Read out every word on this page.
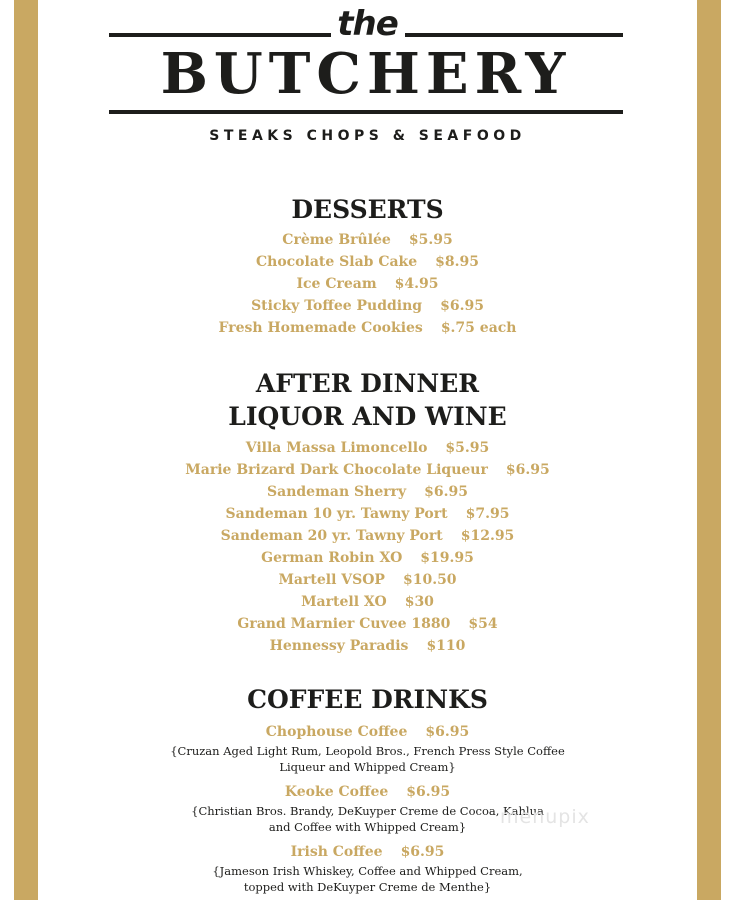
the
BUTCHERY
STEAKS CHOPS & SEAFOOD
DESSERTS
Crème Brûlée $5.95
Chocolate Slab Cake $8.95
Ice Cream $4.95
Sticky Toffee Pudding $6.95
Fresh Homemade Cookies $.75 each
AFTER DINNER
LIQUOR AND WINE
Villa Massa Limoncello $5.95
Marie Brizard Dark Chocolate Liqueur $6.95
Sandeman Sherry $6.95
Sandeman 10 yr. Tawny Port $7.95
Sandeman 20 yr. Tawny Port $12.95
German Robin XO $19.95
Martell VSOP $10.50
Martell XO $30
Grand Marnier Cuvee 1880 $54
Hennessy Paradis $110
COFFEE DRINKS
Chophouse Coffee $6.95
{Cruzan Aged Light Rum, Leopold Bros., French Press Style Coffee
Liqueur and Whipped Cream}
Keoke Coffee $6.95
{Christian Bros. Brandy, DeKuyper Creme de Cocoa, Kahlua
and Coffee with Whipped Cream}
Irish Coffee $6.95
{Jameson Irish Whiskey, Coffee and Whipped Cream,
topped with DeKuyper Creme de Menthe}
menupix
